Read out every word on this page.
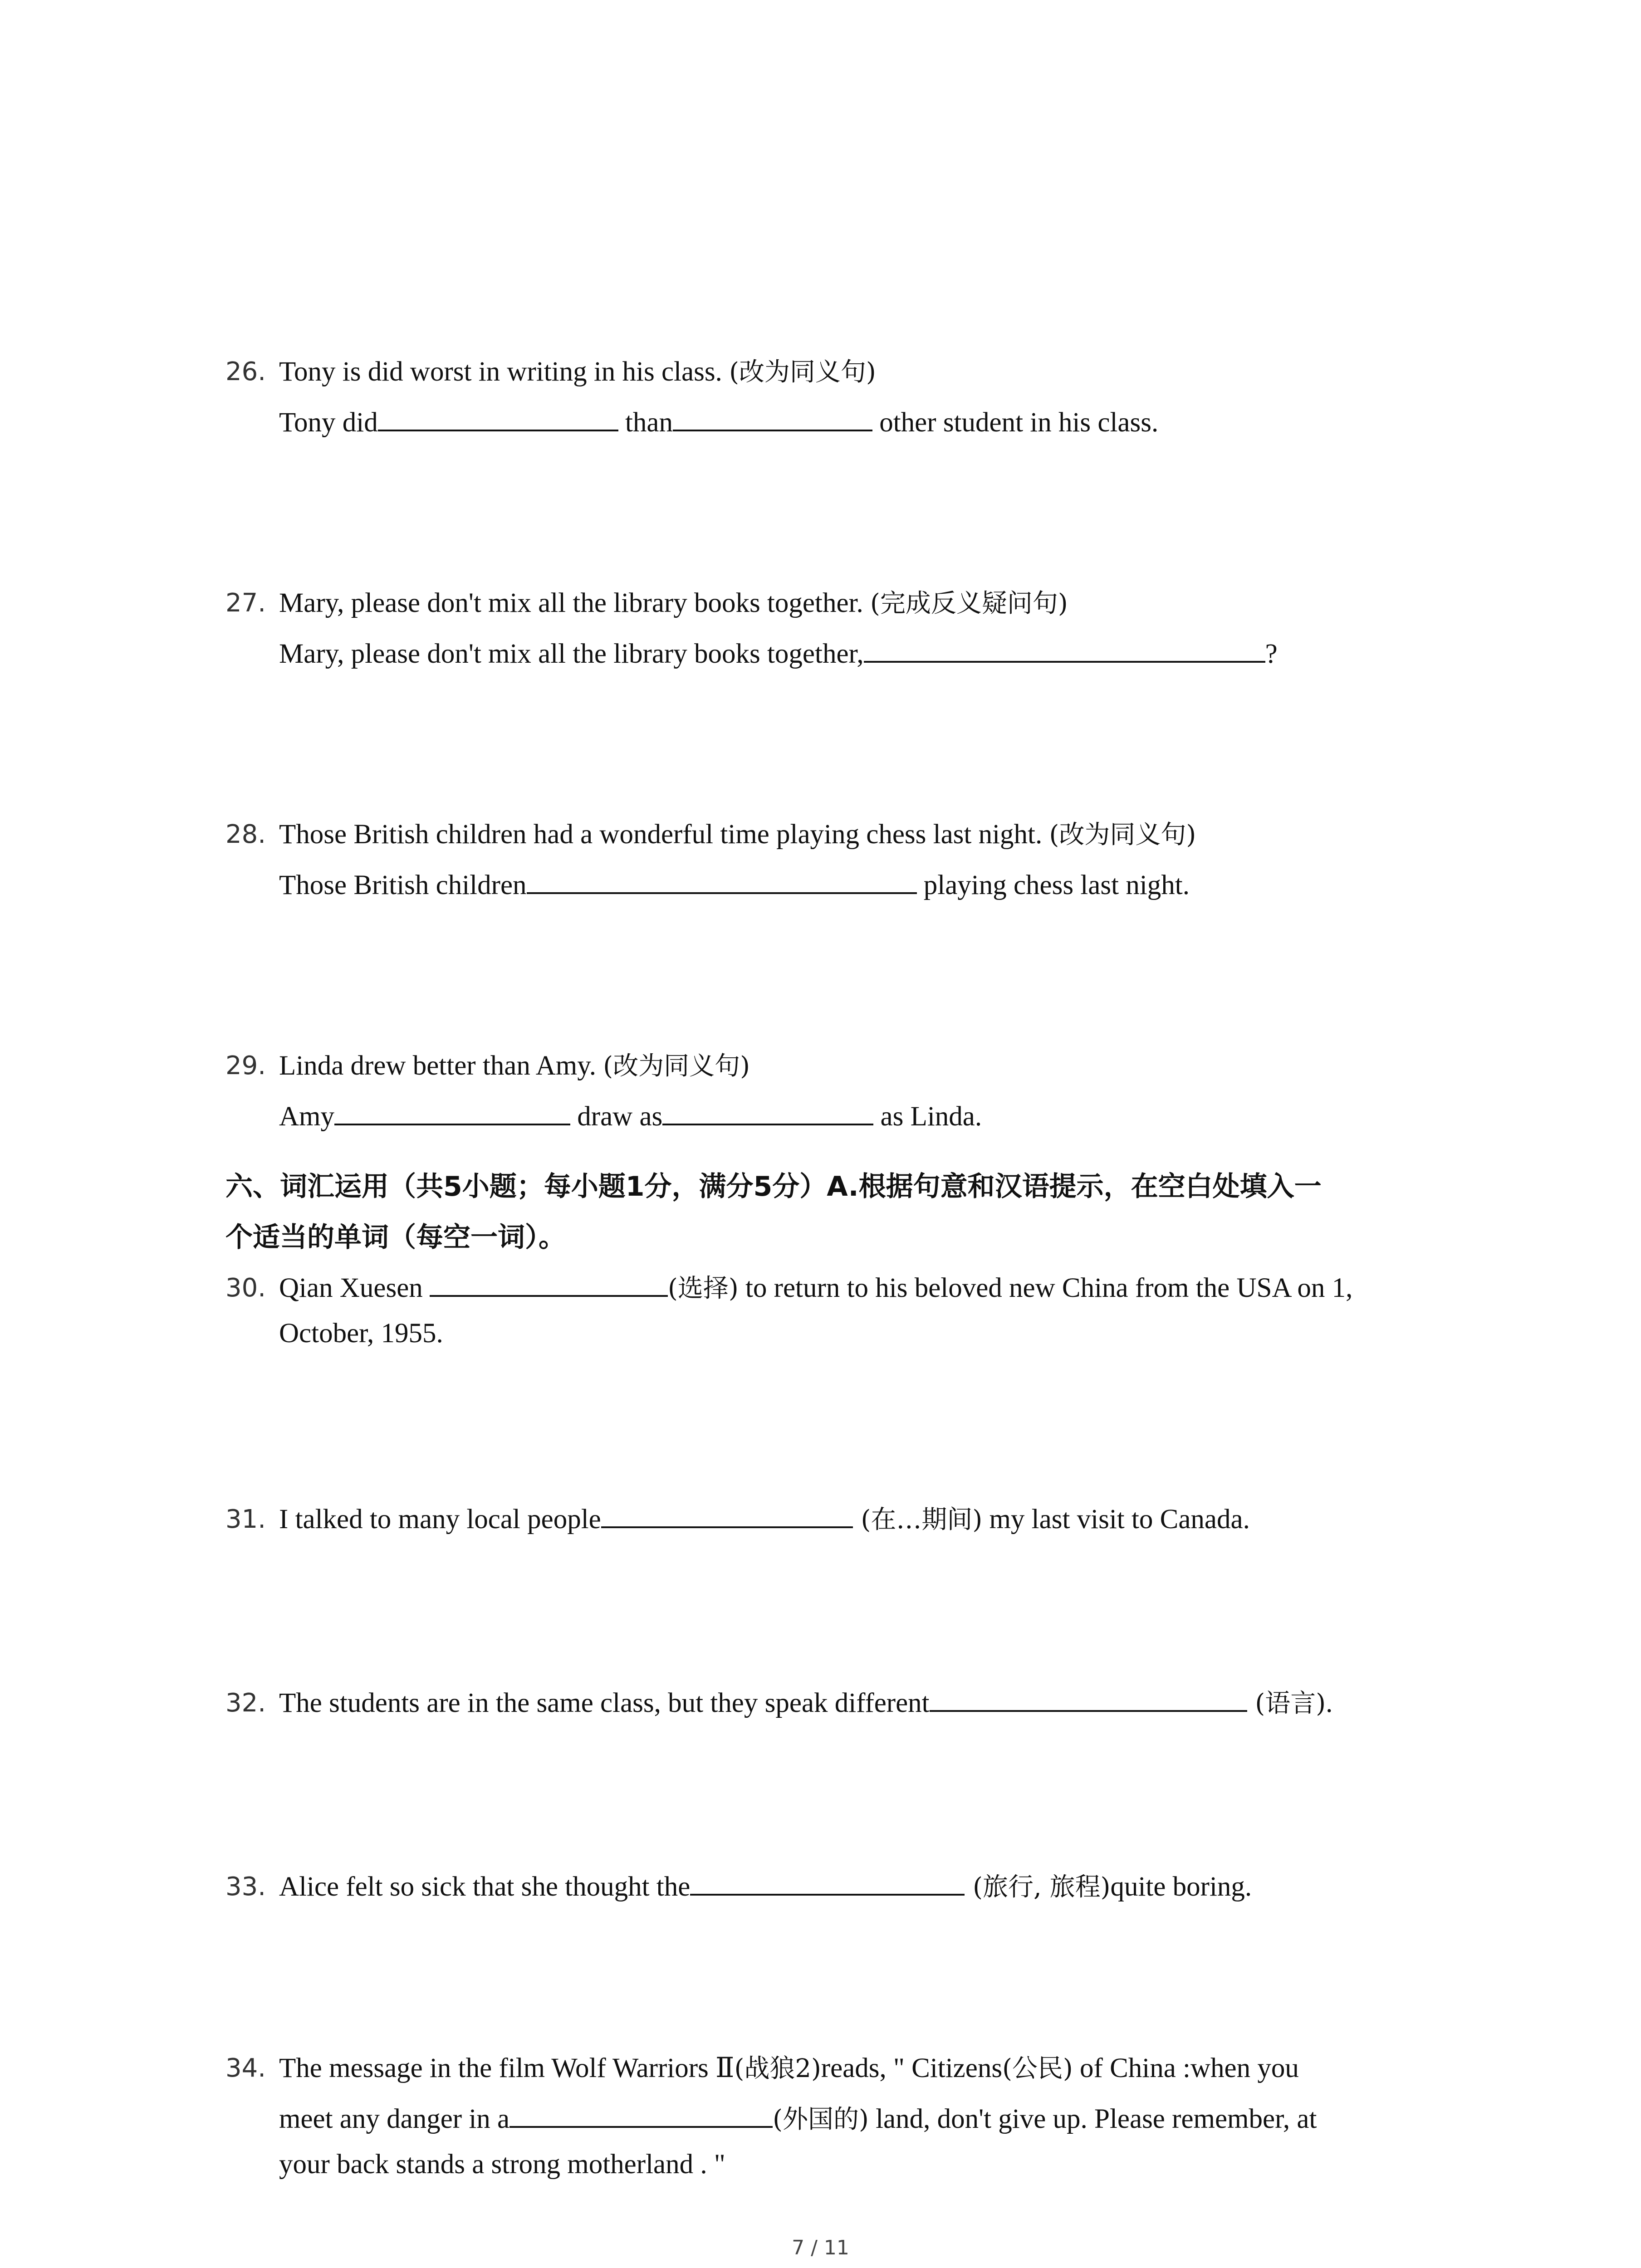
26. Tony is did worst in writing in his class. (改为同义句)
Tony did	than	other student in his class.
27. Mary, please don't mix all the library books together. (完成反义疑问句)
Mary, please don't mix all the library books together,	?
28. Those British children had a wonderful time playing chess last night. (改为同义句)
Those British children	playing chess last night.
29. Linda drew better than Amy. (改为同义句)
Amy	draw as	as Linda.
六、词汇运用（共5小题；每小题1分，满分5分）A.根据句意和汉语提示，在空白处填入一
个适当的单词（每空一词）。
30. Qian Xuesen	(选择) to return to his beloved new China from the USA on 1,
October, 1955.
31. I talked to many local people	(在…期间) my last visit to Canada.
32. The students are in the same class, but they speak different	(语言).
33. Alice felt so sick that she thought the	(旅行, 旅程)quite boring.
34. The message in the film Wolf Warriors Ⅱ(战狼2)reads, " Citizens(公民) of China :when you
meet any danger in a	(外国的) land, don't give up. Please remember, at
your back stands a strong motherland . "
7 / 11
